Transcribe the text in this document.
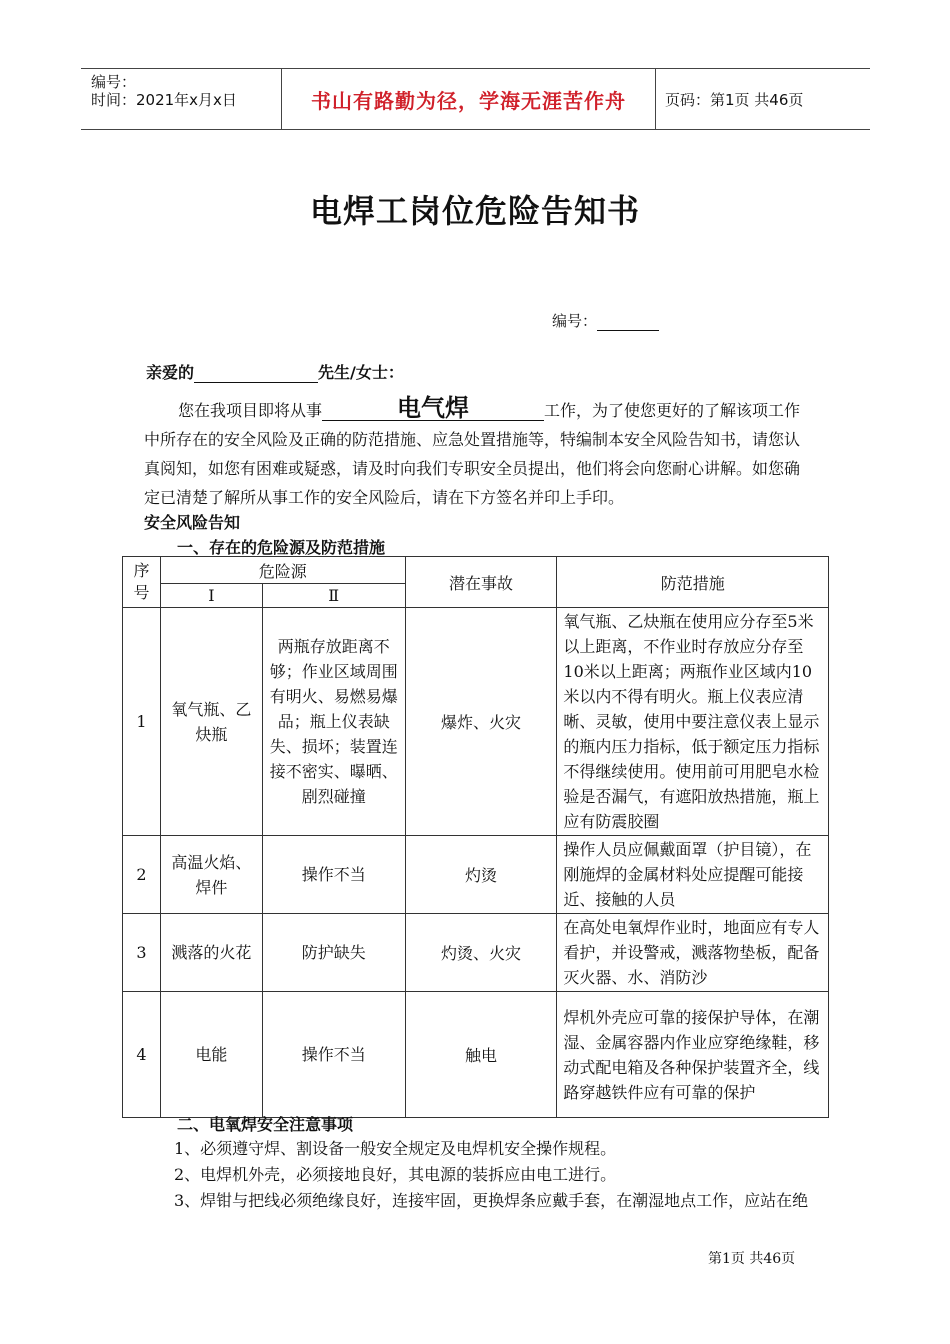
编号：
时间：2021年x月x日	书山有路勤为径，学海无涯苦作舟	页码：第1页 共46页
电焊工岗位危险告知书
编号：
亲爱的	先生/女士：
您在我项目即将从事	电气焊	工作，为了使您更好的了解该项工作中所存在的安全风险及正确的防范措施、应急处置措施等，特编制本安全风险告知书，请您认真阅知，如您有困难或疑惑，请及时向我们专职安全员提出，他们将会向您耐心讲解。如您确定已清楚了解所从事工作的安全风险后，请在下方签名并印上手印。
安全风险告知
一、存在的危险源及防范措施
序号	危险源		潜在事故	防范措施
	Ⅰ	Ⅱ		
1	氧气瓶、乙炔瓶	两瓶存放距离不够；作业区域周围有明火、易燃易爆品；瓶上仪表缺失、损坏；装置连接不密实、曝晒、剧烈碰撞	爆炸、火灾	氧气瓶、乙炔瓶在使用应分存至5米以上距离，不作业时存放应分存至10米以上距离；两瓶作业区域内10米以内不得有明火。瓶上仪表应清晰、灵敏，使用中要注意仪表上显示的瓶内压力指标，低于额定压力指标不得继续使用。使用前可用肥皂水检验是否漏气，有遮阳放热措施，瓶上应有防震胶圈
2	高温火焰、焊件	操作不当	灼烫	操作人员应佩戴面罩（护目镜），在刚施焊的金属材料处应提醒可能接近、接触的人员
3	溅落的火花	防护缺失	灼烫、火灾	在高处电氧焊作业时，地面应有专人看护，并设警戒，溅落物垫板，配备灭火器、水、消防沙
4	电能	操作不当	触电	焊机外壳应可靠的接保护导体，在潮湿、金属容器内作业应穿绝缘鞋，移动式配电箱及各种保护装置齐全，线路穿越铁件应有可靠的保护
二、电氧焊安全注意事项
1、必须遵守焊、割设备一般安全规定及电焊机安全操作规程。
2、电焊机外壳，必须接地良好，其电源的装拆应由电工进行。
3、焊钳与把线必须绝缘良好，连接牢固，更换焊条应戴手套，在潮湿地点工作，应站在绝
第1页 共46页
